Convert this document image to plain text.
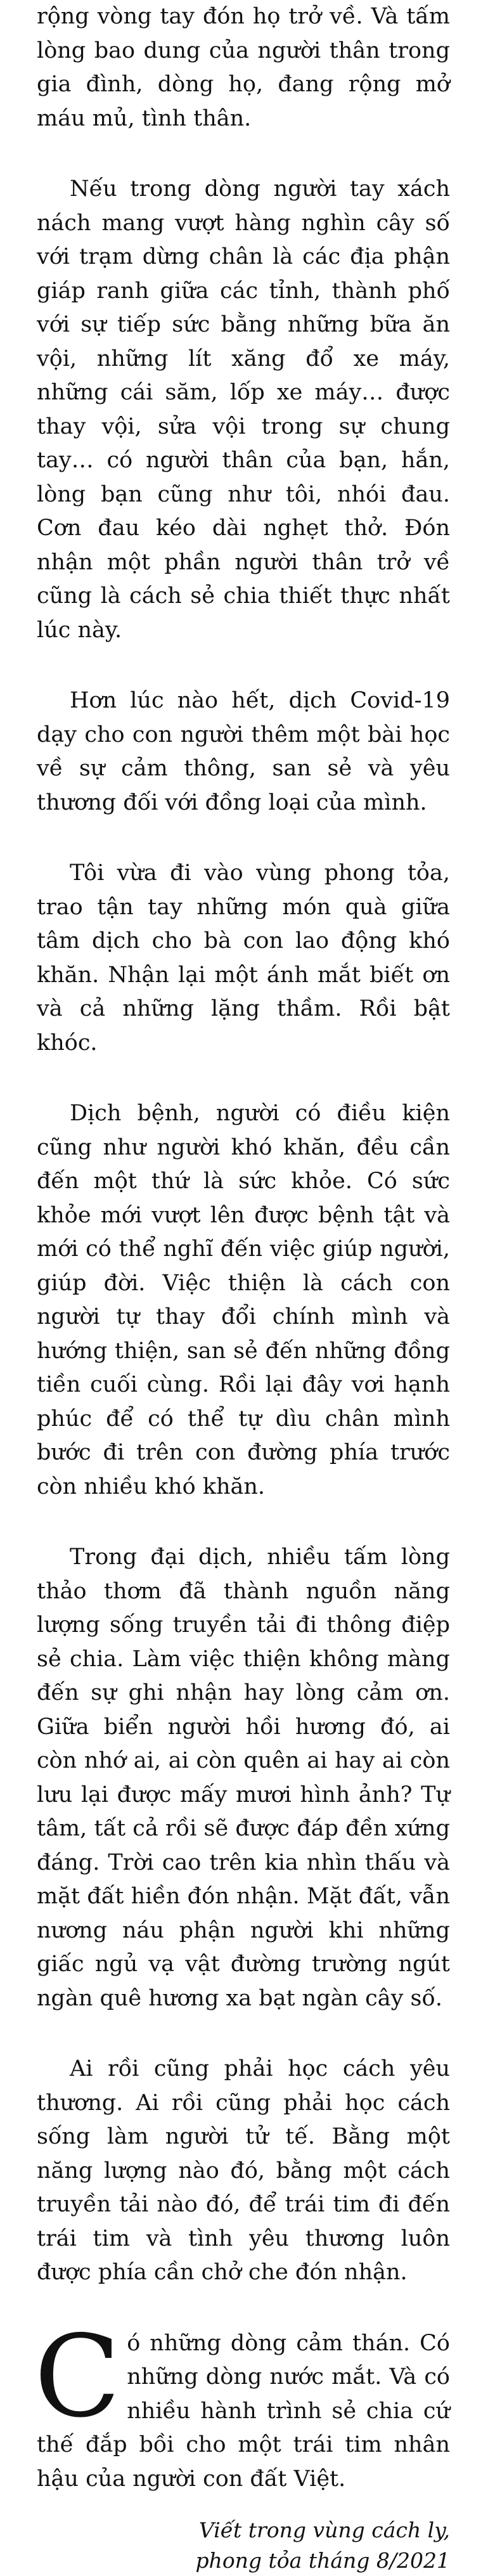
rộng vòng tay đón họ trở về. Và tấm lòng bao dung của người thân trong gia đình, dòng họ, đang rộng mở máu mủ, tình thân.

Nếu trong dòng người tay xách nách mang vượt hàng nghìn cây số với trạm dừng chân là các địa phận giáp ranh giữa các tỉnh, thành phố với sự tiếp sức bằng những bữa ăn vội, những lít xăng đổ xe máy, những cái săm, lốp xe máy… được thay vội, sửa vội trong sự chung tay… có người thân của bạn, hắn, lòng bạn cũng như tôi, nhói đau. Cơn đau kéo dài nghẹt thở. Đón nhận một phần người thân trở về cũng là cách sẻ chia thiết thực nhất lúc này.

Hơn lúc nào hết, dịch Covid-19 dạy cho con người thêm một bài học về sự cảm thông, san sẻ và yêu thương đối với đồng loại của mình.

Tôi vừa đi vào vùng phong tỏa, trao tận tay những món quà giữa tâm dịch cho bà con lao động khó khăn. Nhận lại một ánh mắt biết ơn và cả những lặng thầm. Rồi bật khóc.

Dịch bệnh, người có điều kiện cũng như người khó khăn, đều cần đến một thứ là sức khỏe. Có sức khỏe mới vượt lên được bệnh tật và mới có thể nghĩ đến việc giúp người, giúp đời. Việc thiện là cách con người tự thay đổi chính mình và hướng thiện, san sẻ đến những đồng tiền cuối cùng. Rồi lại đây vơi hạnh phúc để có thể tự dìu chân mình bước đi trên con đường phía trước còn nhiều khó khăn.

Trong đại dịch, nhiều tấm lòng thảo thơm đã thành nguồn năng lượng sống truyền tải đi thông điệp sẻ chia. Làm việc thiện không màng đến sự ghi nhận hay lòng cảm ơn. Giữa biển người hồi hương đó, ai còn nhớ ai, ai còn quên ai hay ai còn lưu lại được mấy mươi hình ảnh? Tự tâm, tất cả rồi sẽ được đáp đền xứng đáng. Trời cao trên kia nhìn thấu và mặt đất hiền đón nhận. Mặt đất, vẫn nương náu phận người khi những giấc ngủ vạ vật đường trường ngút ngàn quê hương xa bạt ngàn cây số.

Ai rồi cũng phải học cách yêu thương. Ai rồi cũng phải học cách sống làm người tử tế. Bằng một năng lượng nào đó, bằng một cách truyền tải nào đó, để trái tim đi đến trái tim và tình yêu thương luôn được phía cần chở che đón nhận.

Có những dòng cảm thán. Có những dòng nước mắt. Và có nhiều hành trình sẻ chia cứ thế đắp bồi cho một trái tim nhân hậu của người con đất Việt.

Viết trong vùng cách ly,
phong tỏa tháng 8/2021
